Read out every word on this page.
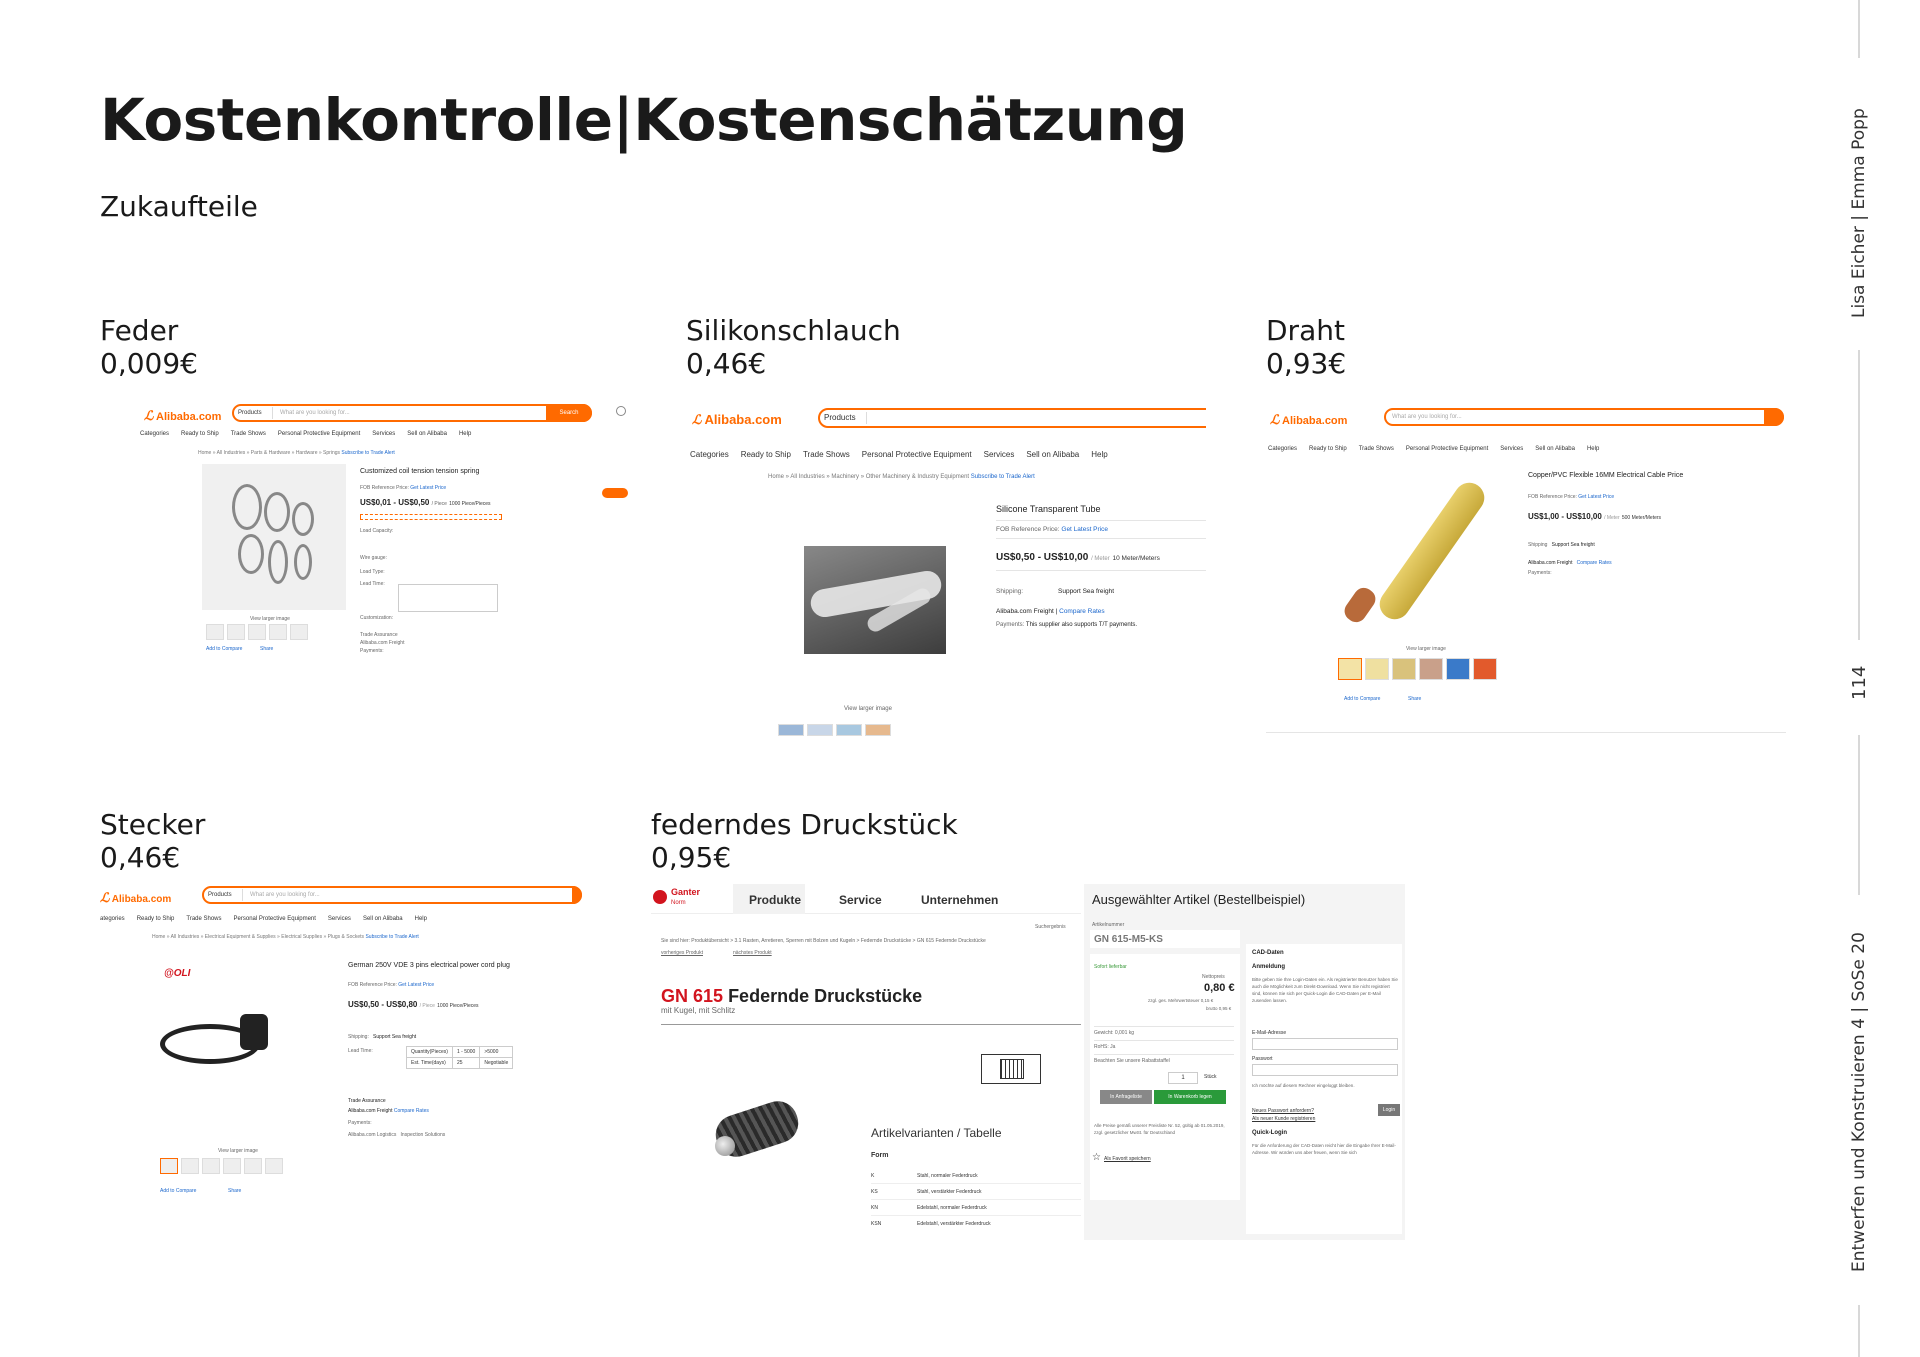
Kostenkontrolle|Kostenschätzung
Zukaufteile	Lisa Eicher | Emma Popp
114
Entwerfen und Konstruieren 4 | SoSe 20
Feder
0,009€
Silikonschlauch
0,46€
Draht
0,93€
Stecker
0,46€
federndes Druckstück
0,95€
ℒ Alibaba.com	Products	What are you looking for...	Search
Categories Ready to Ship Trade Shows Personal Protective Equipment Services Sell on Alibaba Help
Home » All Industries » Parts & Hardware » Hardware » Springs Subscribe to Trade Alert
View larger image
Add to Compare	Share
Customized coil tension tension spring
FOB Reference Price: Get Latest Price
US$0,01 - US$0,50 / Piece 1000 Piece/Pieces
Load Capacity:
Wire gauge:
Load Type:
Lead Time:
Customization:
Trade Assurance
Alibaba.com Freight
Payments:
ℒ Alibaba.com	Products
Categories Ready to Ship Trade Shows Personal Protective Equipment Services Sell on Alibaba Help
Home » All Industries » Machinery » Other Machinery & Industry Equipment Subscribe to Trade Alert
View larger image
Silicone Transparent Tube
FOB Reference Price: Get Latest Price
US$0,50 - US$10,00 / Meter 10 Meter/Meters
Shipping:	Support Sea freight
Alibaba.com Freight | Compare Rates
Payments: This supplier also supports T/T payments.
ℒ Alibaba.com	What are you looking for...
Categories Ready to Ship Trade Shows Personal Protective Equipment Services Sell on Alibaba Help
View larger image
Add to Compare	Share
Copper/PVC Flexible 16MM Electrical Cable Price
FOB Reference Price: Get Latest Price
US$1,00 - US$10,00 / Meter 500 Meter/Meters
Shipping Support Sea freight
Alibaba.com Freight Compare Rates
Payments:
ℒ Alibaba.com	Products	What are you looking for...
ategories Ready to Ship Trade Shows Personal Protective Equipment Services Sell on Alibaba Help
Home » All Industries » Electrical Equipment & Supplies » Electrical Supplies » Plugs & Sockets Subscribe to Trade Alert
@OLI
View larger image
Add to Compare	Share
German 250V VDE 3 pins electrical power cord plug
FOB Reference Price: Get Latest Price
US$0,50 - US$0,80 / Piece 1000 Piece/Pieces
Shipping: Support Sea freight
Lead Time:	Quantity(Pieces)	1 - 5000	>5000
Est. Time(days)	25	Negotiable
Trade Assurance
Alibaba.com Freight Compare Rates
Payments:
Alibaba.com Logistics Inspection Solutions
Ganter
Norm	Produkte	Service	Unternehmen
Suchergebnis
Sie sind hier: Produktübersicht > 3.1 Rasten, Arretieren, Sperren mit Bolzen und Kugeln > Federnde Druckstücke > GN 615 Federnde Druckstücke
vorheriges Produkt	nächstes Produkt
GN 615 Federnde Druckstücke
mit Kugel, mit Schlitz
Artikelvarianten / Tabelle
Form
K	Stahl, normaler Federdruck
KS	Stahl, verstärkter Federdruck
KN	Edelstahl, normaler Federdruck
KSN	Edelstahl, verstärkter Federdruck
Ausgewählter Artikel (Bestellbeispiel)
Artikelnummer
GN 615-M5-KS
Sofort lieferbar
Nettopreis
0,80 €
zzgl. ges. Mehrwertsteuer 0,15 €
brutto 0,95 €
Gewicht: 0,001 kg
RoHS: Ja
Beachten Sie unsere Rabattstaffel
1	Stück
In Anfrageliste	In Warenkorb legen
Alle Preise gemäß unserer Preisliste Nr. 52, gültig ab 01.05.2019, zzgl. gesetzlicher MwSt. für Deutschland
☆ Als Favorit speichern
CAD-Daten
Anmeldung
Bitte geben Sie Ihre Login-Daten ein. Als registrierter Benutzer haben Sie auch die Möglichkeit zum Direkt-Download. Wenn Sie nicht registriert sind, können Sie sich per Quick-Login die CAD-Daten per E-Mail zusenden lassen.
E-Mail-Adresse
Passwort
Ich möchte auf diesem Rechner eingeloggt bleiben.
Neues Passwort anfordern?
Als neuer Kunde registrieren
Login
Quick-Login
Für die Anforderung der CAD-Daten reicht hier die Eingabe Ihrer E-Mail-Adresse. Wir würden uns aber freuen, wenn Sie sich
